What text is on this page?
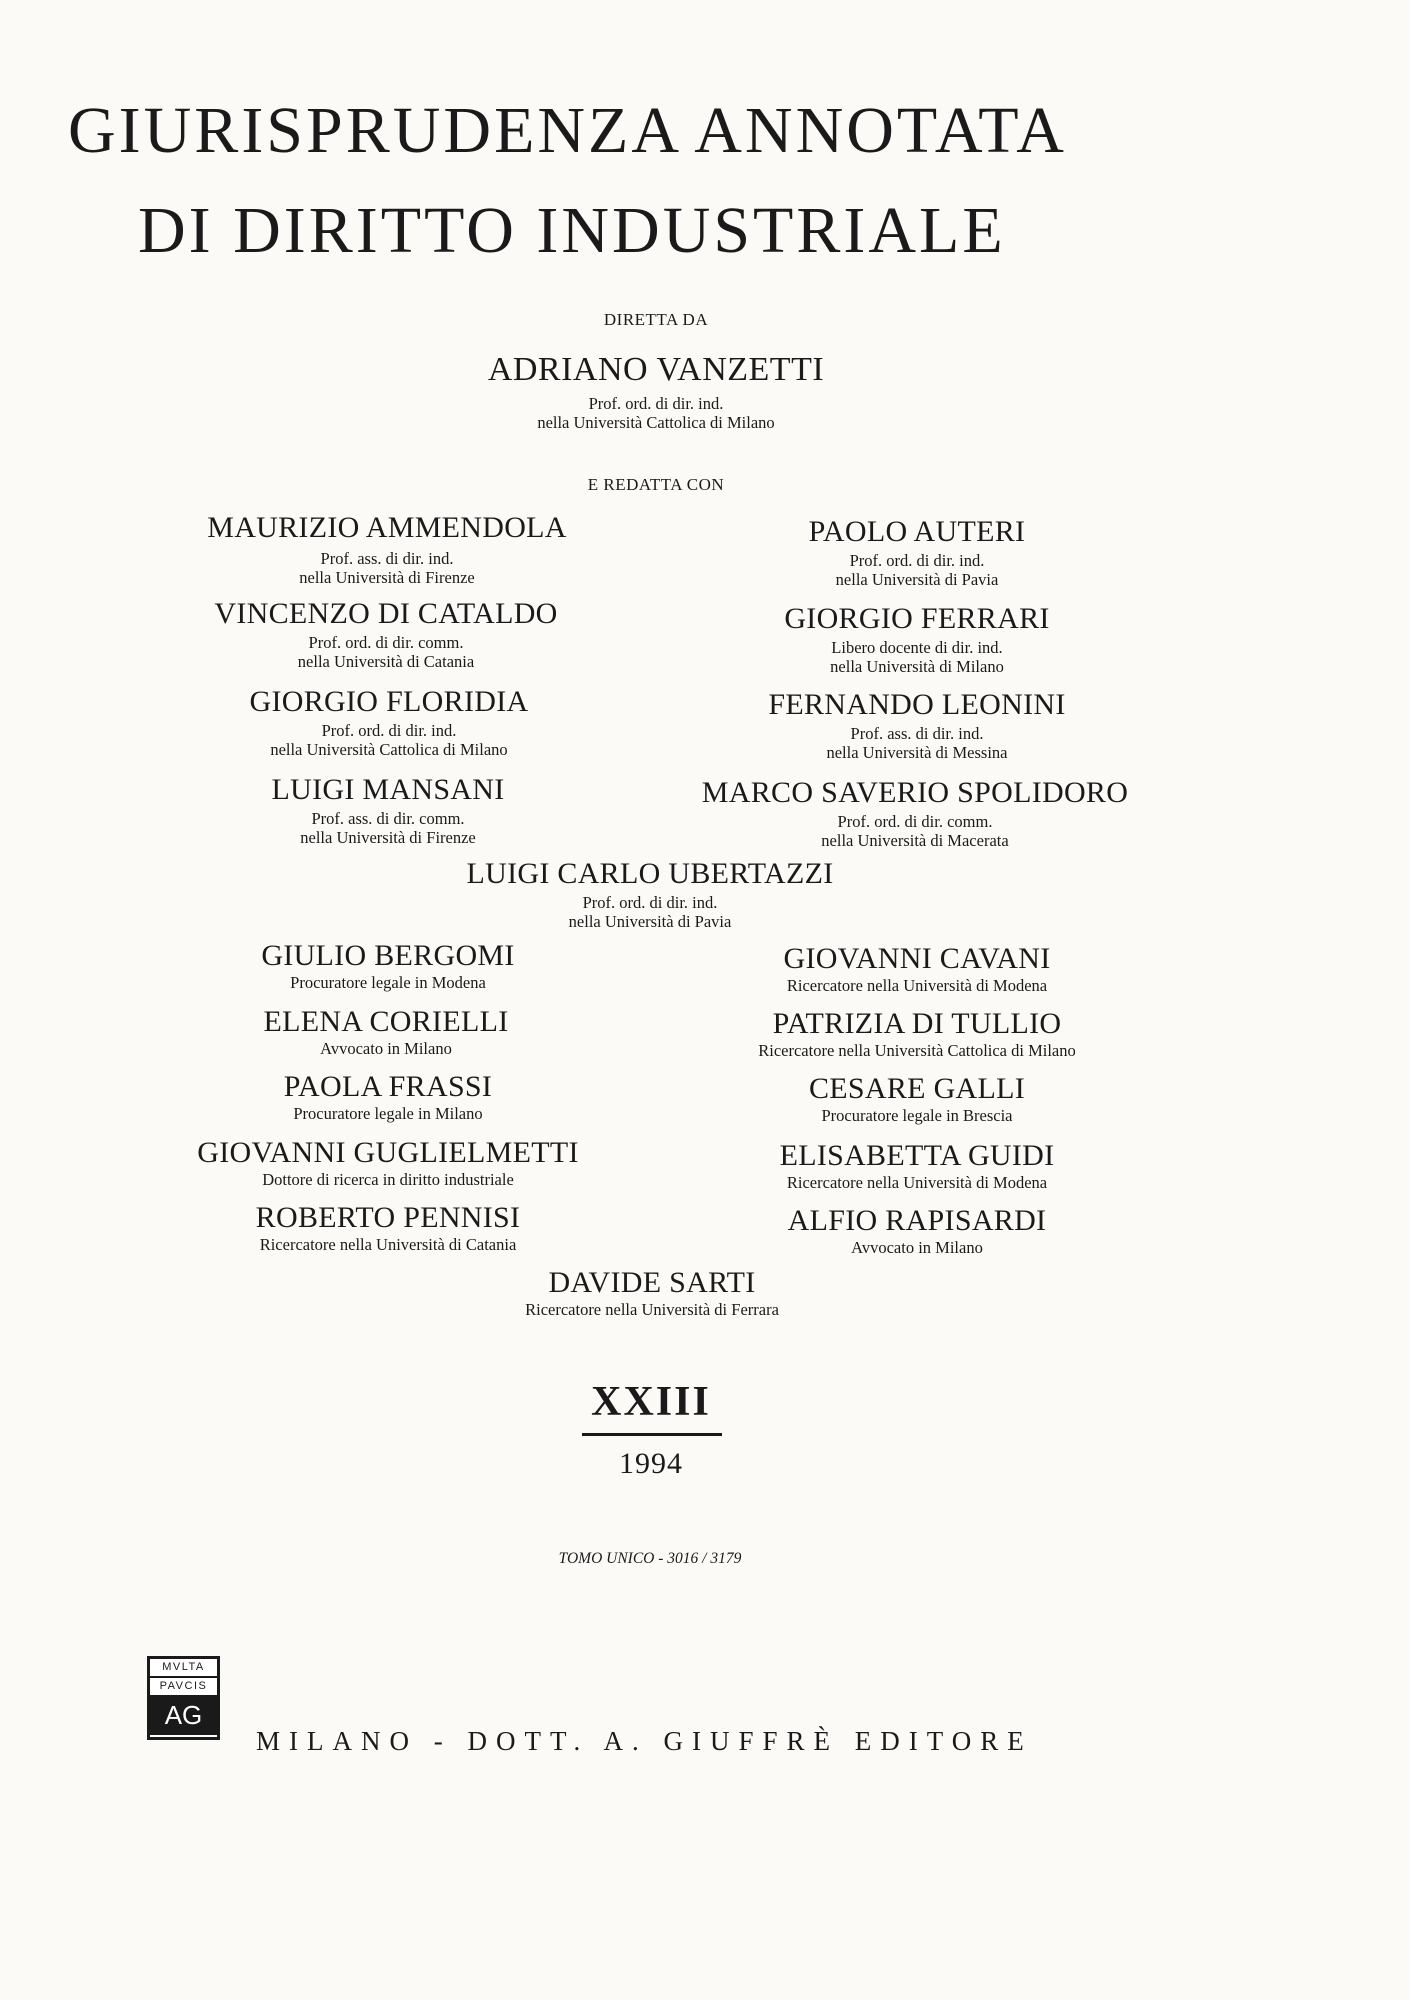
GIURISPRUDENZA ANNOTATA
DI DIRITTO INDUSTRIALE
DIRETTA DA
ADRIANO VANZETTI
Prof. ord. di dir. ind.
nella Università Cattolica di Milano
E REDATTA CON
MAURIZIO AMMENDOLA
Prof. ass. di dir. ind.
nella Università di Firenze
PAOLO AUTERI
Prof. ord. di dir. ind.
nella Università di Pavia
VINCENZO DI CATALDO
Prof. ord. di dir. comm.
nella Università di Catania
GIORGIO FERRARI
Libero docente di dir. ind.
nella Università di Milano
GIORGIO FLORIDIA
Prof. ord. di dir. ind.
nella Università Cattolica di Milano
FERNANDO LEONINI
Prof. ass. di dir. ind.
nella Università di Messina
LUIGI MANSANI
Prof. ass. di dir. comm.
nella Università di Firenze
MARCO SAVERIO SPOLIDORO
Prof. ord. di dir. comm.
nella Università di Macerata
LUIGI CARLO UBERTAZZI
Prof. ord. di dir. ind.
nella Università di Pavia
GIULIO BERGOMI
Procuratore legale in Modena
GIOVANNI CAVANI
Ricercatore nella Università di Modena
ELENA CORIELLI
Avvocato in Milano
PATRIZIA DI TULLIO
Ricercatore nella Università Cattolica di Milano
PAOLA FRASSI
Procuratore legale in Milano
CESARE GALLI
Procuratore legale in Brescia
GIOVANNI GUGLIELMETTI
Dottore di ricerca in diritto industriale
ELISABETTA GUIDI
Ricercatore nella Università di Modena
ROBERTO PENNISI
Ricercatore nella Università di Catania
ALFIO RAPISARDI
Avvocato in Milano
DAVIDE SARTI
Ricercatore nella Università di Ferrara
XXIII
1994
TOMO UNICO - 3016 / 3179
MVLTA
PAVCIS
AG
MILANO - DOTT. A. GIUFFRÈ EDITORE
